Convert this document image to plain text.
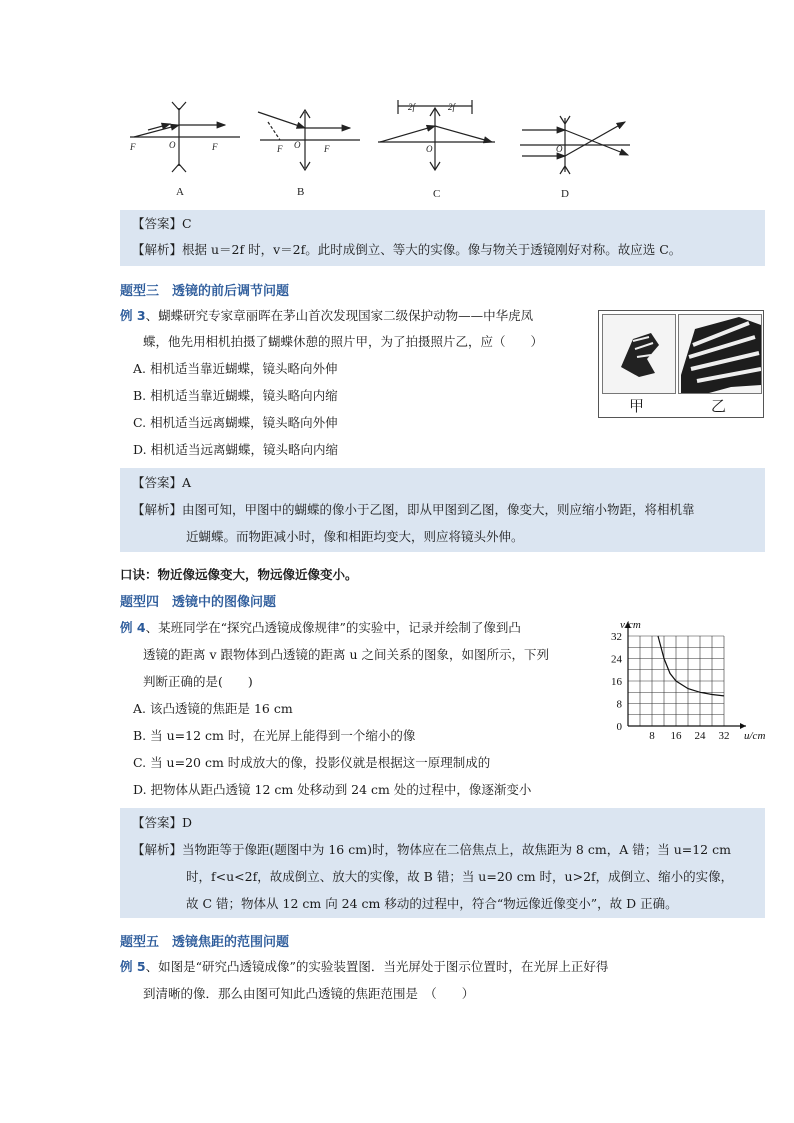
F	O	F
A
F O	F
B
2f	2f
O
C
O
D
【答案】C
【解析】根据 u＝2f 时，v＝2f。此时成倒立、等大的实像。像与物关于透镜刚好对称。故应选 C。
题型三　透镜的前后调节问题
例 3、蝴蝶研究专家章丽晖在茅山首次发现国家二级保护动物——中华虎凤
蝶，他先用相机拍摄了蝴蝶休憩的照片甲，为了拍摄照片乙，应（　　）
A. 相机适当靠近蝴蝶，镜头略向外伸
B. 相机适当靠近蝴蝶，镜头略向内缩
C. 相机适当远离蝴蝶，镜头略向外伸
D. 相机适当远离蝴蝶，镜头略向内缩
甲	乙
【答案】A
【解析】由图可知，甲图中的蝴蝶的像小于乙图，即从甲图到乙图，像变大，则应缩小物距，将相机靠
近蝴蝶。而物距减小时，像和相距均变大，则应将镜头外伸。
口诀：物近像远像变大，物远像近像变小。
题型四　透镜中的图像问题
例 4、某班同学在“探究凸透镜成像规律”的实验中，记录并绘制了像到凸
透镜的距离 v 跟物体到凸透镜的距离 u 之间关系的图象，如图所示，下列
判断正确的是(　　)
A. 该凸透镜的焦距是 16 cm
B. 当 u=12 cm 时，在光屏上能得到一个缩小的像
C. 当 u=20 cm 时成放大的像，投影仪就是根据这一原理制成的
D. 把物体从距凸透镜 12 cm 处移动到 24 cm 处的过程中，像逐渐变小
8 16 24 32
8
16
24
32
0
u/cm
v/cm
【答案】D
【解析】当物距等于像距(题图中为 16 cm)时，物体应在二倍焦点上，故焦距为 8 cm，A 错；当 u=12 cm
时，f<u<2f，故成倒立、放大的实像，故 B 错；当 u=20 cm 时，u>2f，成倒立、缩小的实像，
故 C 错；物体从 12 cm 向 24 cm 移动的过程中，符合“物远像近像变小”，故 D 正确。
题型五　透镜焦距的范围问题
例 5、如图是“研究凸透镜成像”的实验装置图．当光屏处于图示位置时，在光屏上正好得
到清晰的像．那么由图可知此凸透镜的焦距范围是　（　　）
